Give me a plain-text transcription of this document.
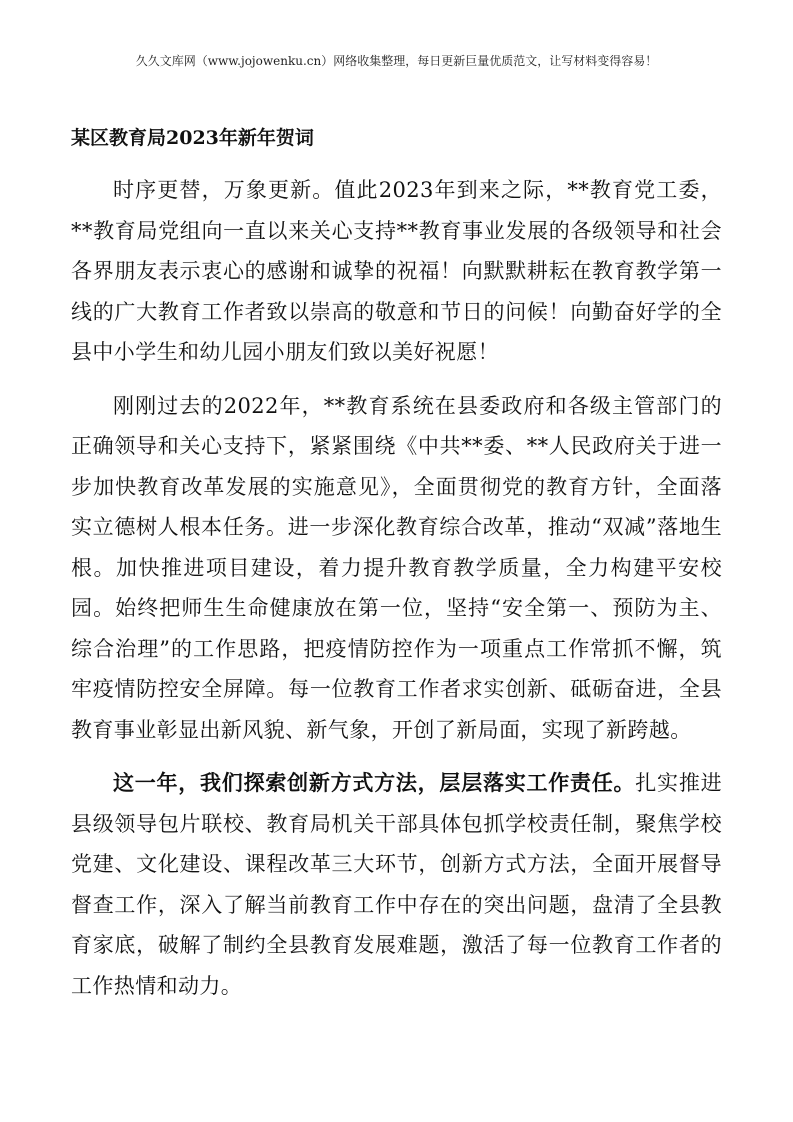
久久文库网（www.jojowenku.cn）网络收集整理，每日更新巨量优质范文，让写材料变得容易！
某区教育局2023年新年贺词

时序更替，万象更新。值此2023年到来之际，**教育党工委，**教育局党组向一直以来关心支持**教育事业发展的各级领导和社会各界朋友表示衷心的感谢和诚挚的祝福！向默默耕耘在教育教学第一线的广大教育工作者致以崇高的敬意和节日的问候！向勤奋好学的全县中小学生和幼儿园小朋友们致以美好祝愿！

刚刚过去的2022年，**教育系统在县委政府和各级主管部门的正确领导和关心支持下，紧紧围绕《中共**委、**人民政府关于进一步加快教育改革发展的实施意见》，全面贯彻党的教育方针，全面落实立德树人根本任务。进一步深化教育综合改革，推动“双减”落地生根。加快推进项目建设，着力提升教育教学质量，全力构建平安校园。始终把师生生命健康放在第一位，坚持“安全第一、预防为主、综合治理”的工作思路，把疫情防控作为一项重点工作常抓不懈，筑牢疫情防控安全屏障。每一位教育工作者求实创新、砥砺奋进，全县教育事业彰显出新风貌、新气象，开创了新局面，实现了新跨越。

这一年，我们探索创新方式方法，层层落实工作责任。扎实推进县级领导包片联校、教育局机关干部具体包抓学校责任制，聚焦学校党建、文化建设、课程改革三大环节，创新方式方法，全面开展督导督查工作，深入了解当前教育工作中存在的突出问题，盘清了全县教育家底，破解了制约全县教育发展难题，激活了每一位教育工作者的工作热情和动力。
